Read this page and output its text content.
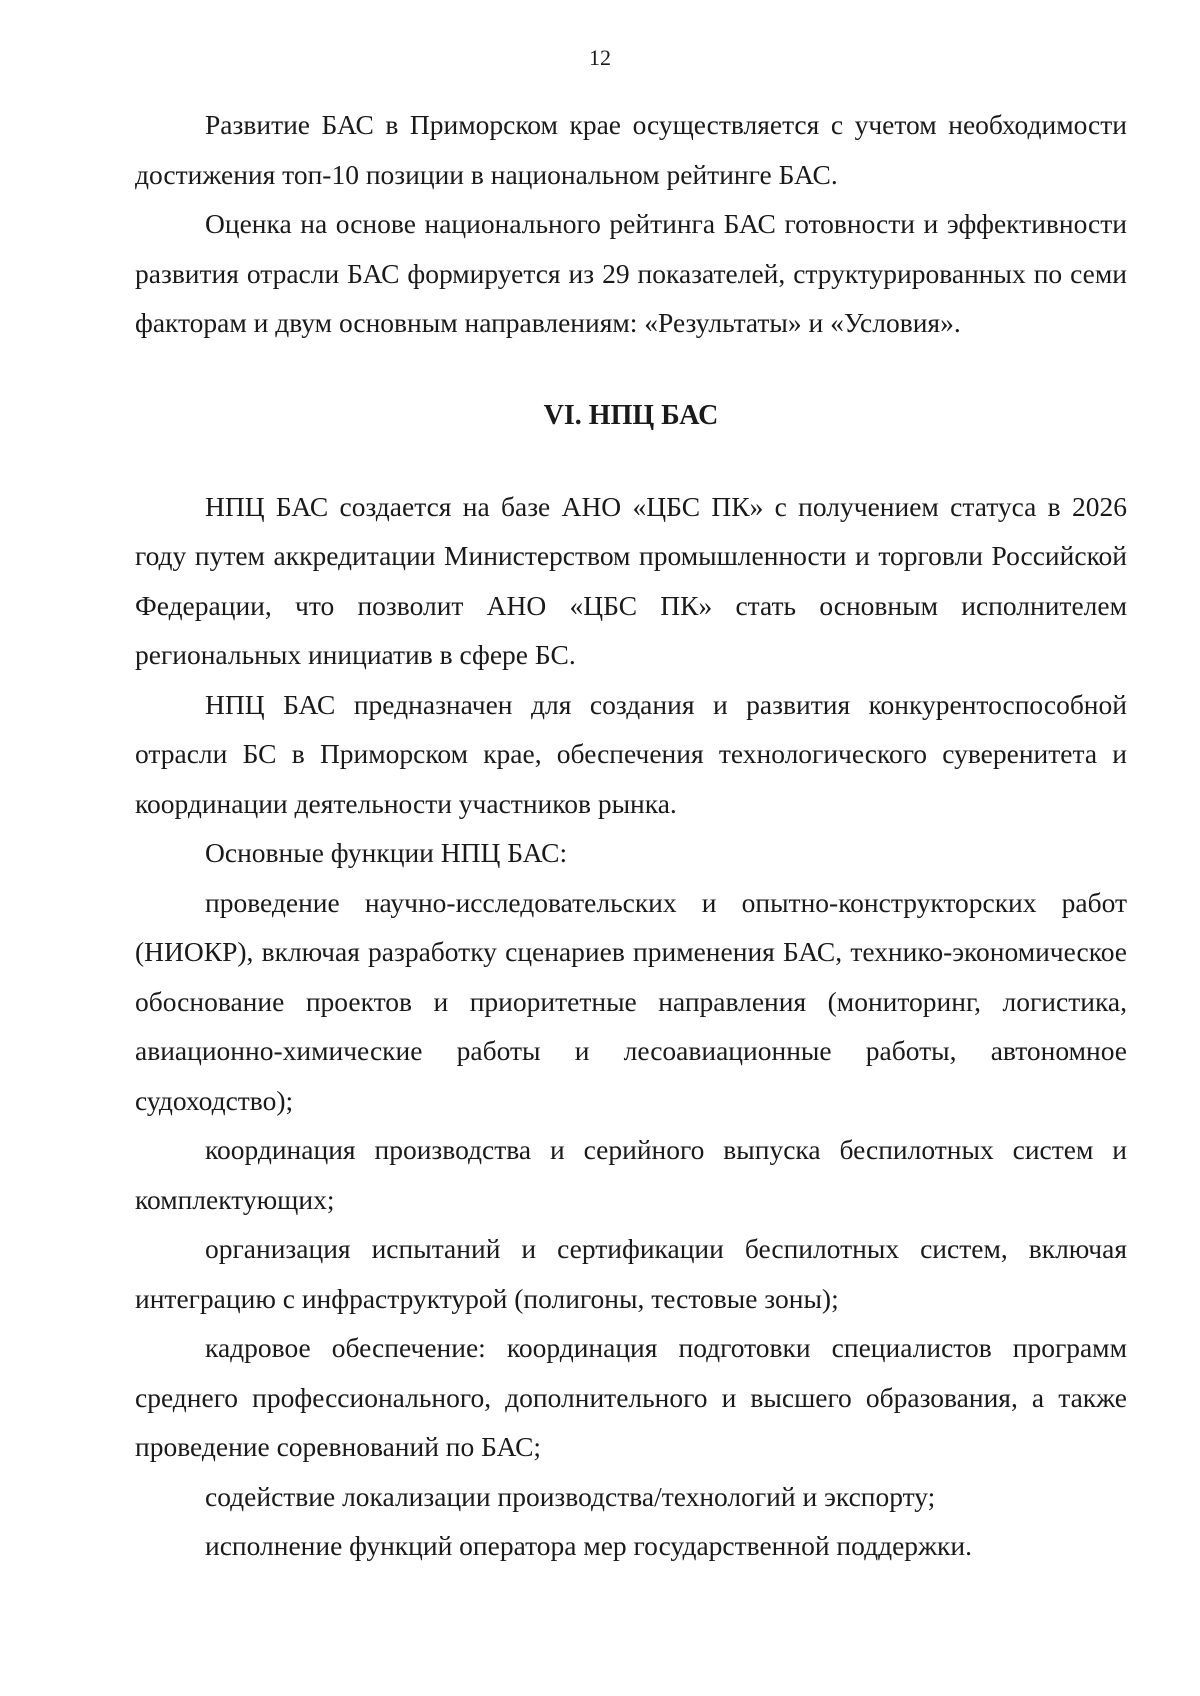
12

Развитие БАС в Приморском крае осуществляется с учетом необходимости достижения топ-10 позиции в национальном рейтинге БАС.

Оценка на основе национального рейтинга БАС готовности и эффективности развития отрасли БАС формируется из 29 показателей, структурированных по семи факторам и двум основным направлениям: «Результаты» и «Условия».

VI. НПЦ БАС

НПЦ БАС создается на базе АНО «ЦБС ПК» с получением статуса в 2026 году путем аккредитации Министерством промышленности и торговли Российской Федерации, что позволит АНО «ЦБС ПК» стать основным исполнителем региональных инициатив в сфере БС.

НПЦ БАС предназначен для создания и развития конкурентоспособной отрасли БС в Приморском крае, обеспечения технологического суверенитета и координации деятельности участников рынка.

Основные функции НПЦ БАС:

проведение научно-исследовательских и опытно-конструкторских работ (НИОКР), включая разработку сценариев применения БАС, технико-экономическое обоснование проектов и приоритетные направления (мониторинг, логистика, авиационно-химические работы и лесоавиационные работы, автономное судоходство);

координация производства и серийного выпуска беспилотных систем и комплектующих;

организация испытаний и сертификации беспилотных систем, включая интеграцию с инфраструктурой (полигоны, тестовые зоны);

кадровое обеспечение: координация подготовки специалистов программ среднего профессионального, дополнительного и высшего образования, а также проведение соревнований по БАС;

содействие локализации производства/технологий и экспорту;

исполнение функций оператора мер государственной поддержки.
